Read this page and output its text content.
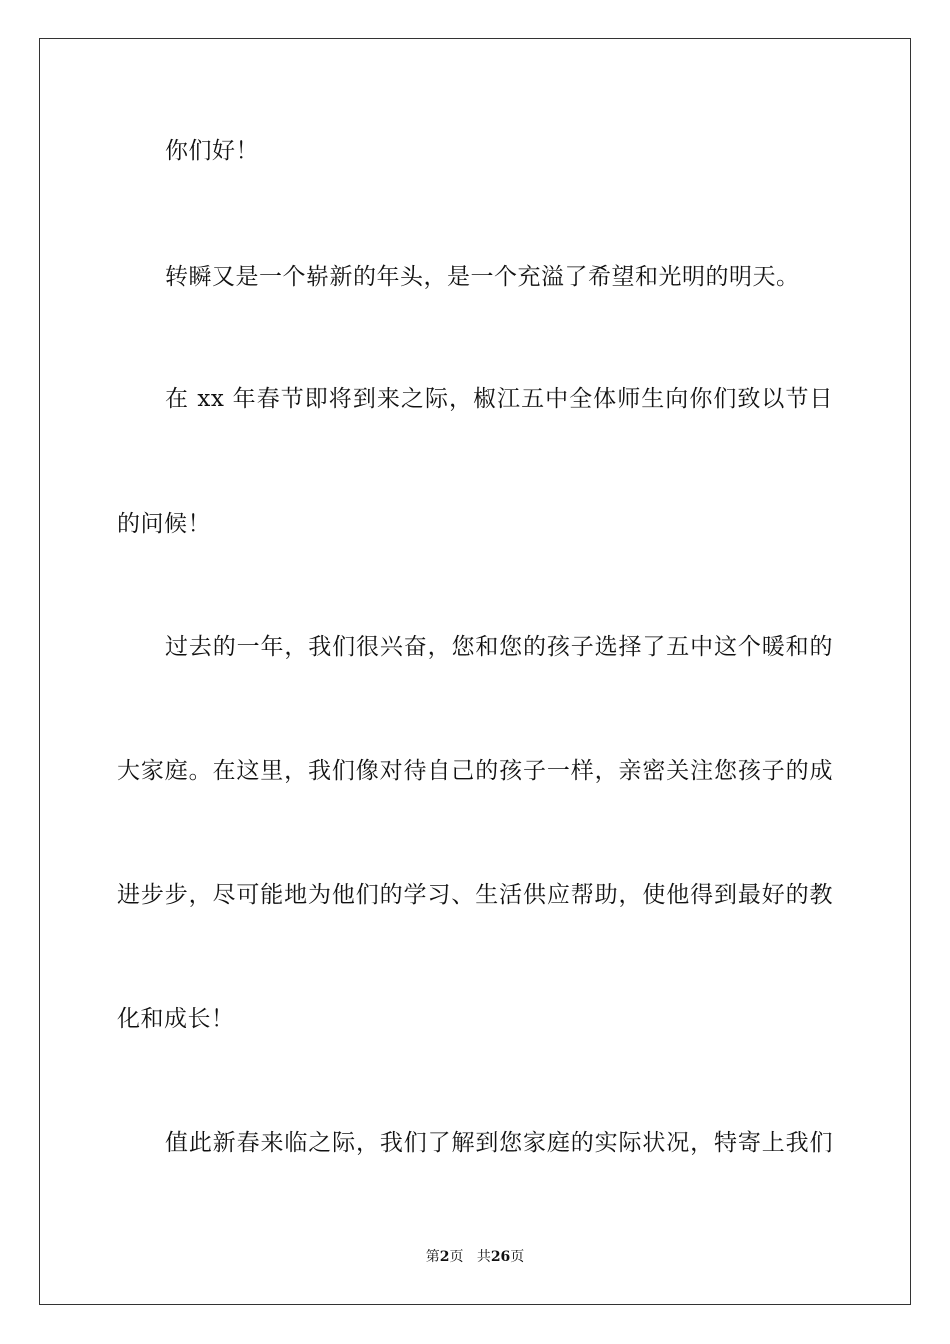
你们好！
转瞬又是一个崭新的年头，是一个充溢了希望和光明的明天。
在 xx 年春节即将到来之际，椒江五中全体师生向你们致以节日
的问候！
过去的一年，我们很兴奋，您和您的孩子选择了五中这个暖和的
大家庭。在这里，我们像对待自己的孩子一样，亲密关注您孩子的成
进步步，尽可能地为他们的学习、生活供应帮助，使他得到最好的教
化和成长！
值此新春来临之际，我们了解到您家庭的实际状况，特寄上我们
第2页 共26页
